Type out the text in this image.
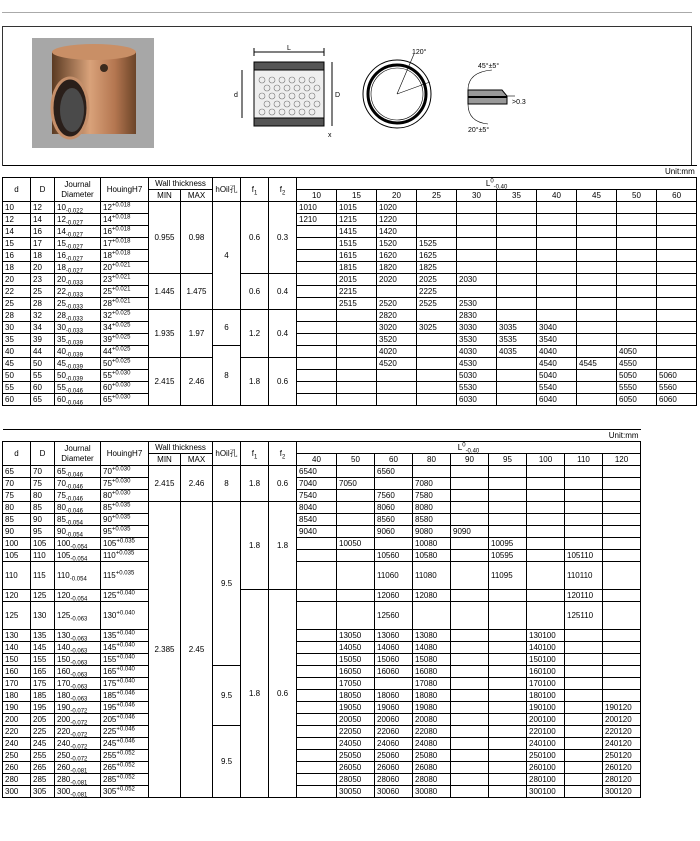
L
d	D
x
120°
45°±5°
20°±5°
>0.3
Unit:mm																		
d	D	Journal Diameter	HouingH7	Wall thickness		hOil孔	$f_1$	$f_2$	$L^0_{-0.40}$
				MIN	MAX				10	15	20	25	30	35	40	45	50	60
10	12	$10_{-0.022}$	$12^{+0.018}$	0.955	0.98	4	0.6	0.3	1010	1015	1020							
12	14	$12_{-0.027}$	$14^{+0.018}$						1210	1215	1220							
14	16	$14_{-0.027}$	$16^{+0.018}$							1415	1420							
15	17	$15_{-0.027}$	$17^{+0.018}$							1515	1520	1525						
16	18	$16_{-0.027}$	$18^{+0.018}$							1615	1620	1625						
18	20	$18_{-0.027}$	$20^{+0.021}$							1815	1820	1825						
20	23	$20_{-0.033}$	$23^{+0.021}$	1.445	1.475		0.6	0.4		2015	2020	2025	2030					
22	25	$22_{-0.033}$	$25^{+0.021}$							2215		2225						
25	28	$25_{-0.033}$	$28^{+0.021}$							2515	2520	2525	2530					
28	32	$28_{-0.033}$	$32^{+0.025}$	1.935	1.97	6	1.2	0.4			2820		2830					
30	34	$30_{-0.033}$	$34^{+0.025}$								3020	3025	3030	3035	3040			
35	39	$35_{-0.039}$	$39^{+0.025}$								3520		3530	3535	3540			
40	44	$40_{-0.039}$	$44^{+0.025}$			8					4020		4030	4035	4040		4050	
45	50	$45_{-0.039}$	$50^{+0.025}$	2.415	2.46		1.8	0.6			4520		4530		4540	4545	4550	
50	55	$50_{-0.039}$	$55^{+0.030}$										5030		5040		5050	5060
55	60	$55_{-0.046}$	$60^{+0.030}$										5530		5540		5550	5560
60	65	$60_{-0.046}$	$65^{+0.030}$										6030		6040		6050	6060
Unit:mm																	
d	D	Journal Diameter	HouingH7	Wall thickness		hOil孔	$f_1$	$f_2$	$L^0_{-0.40}$
				MIN	MAX				40	50	60	80	90	95	100	110	120
65	70	$65_{-0.046}$	$70^{+0.030}$	2.415	2.46	8	1.8	0.6	6540		6560						
70	75	$70_{-0.046}$	$75^{+0.030}$						7040	7050		7080					
75	80	$75_{-0.046}$	$80^{+0.030}$						7540		7560	7580					
80	85	$80_{-0.046}$	$85^{+0.035}$	2.385	2.45	9.5	1.8	1.8	8040		8060	8080					
85	90	$85_{-0.054}$	$90^{+0.035}$						8540		8560	8580					
90	95	$90_{-0.054}$	$95^{+0.035}$						9040		9060	9080	9090				
100	105	$100_{-0.054}$	$105^{+0.035}$							10050		10080		10095			
105	110	$105_{-0.054}$	$110^{+0.035}$								10560	10580		10595		105110	
110	115	$110_{-0.054}$	$115^{+0.035}$								11060	11080		11095		110110	
120	125	$120_{-0.054}$	$125^{+0.040}$				1.8	0.6			12060	12080				120110	
125	130	$125_{-0.063}$	$130^{+0.040}$								12560					125110	
130	135	$130_{-0.063}$	$135^{+0.040}$							13050	13060	13080			130100		
140	145	$140_{-0.063}$	$145^{+0.040}$							14050	14060	14080			140100		
150	155	$150_{-0.063}$	$155^{+0.040}$							15050	15060	15080			150100		
160	165	$160_{-0.063}$	$165^{+0.040}$			9.5				16050	16060	16080			160100		
170	175	$170_{-0.063}$	$175^{+0.040}$							17050		17080			170100		
180	185	$180_{-0.063}$	$185^{+0.046}$							18050	18060	18080			180100		
190	195	$190_{-0.072}$	$195^{+0.046}$							19050	19060	19080			190100		190120
200	205	$200_{-0.072}$	$205^{+0.046}$							20050	20060	20080			200100		200120
220	225	$220_{-0.072}$	$225^{+0.046}$			9.5				22050	22060	22080			220100		220120
240	245	$240_{-0.072}$	$245^{+0.046}$							24050	24060	24080			240100		240120
250	255	$250_{-0.072}$	$255^{+0.052}$							25050	25060	25080			250100		250120
260	265	$260_{-0.081}$	$265^{+0.052}$							26050	26060	26080			260100		260120
280	285	$280_{-0.081}$	$285^{+0.052}$							28050	28060	28080			280100		280120
300	305	$300_{-0.081}$	$305^{+0.052}$							30050	30060	30080			300100		300120
